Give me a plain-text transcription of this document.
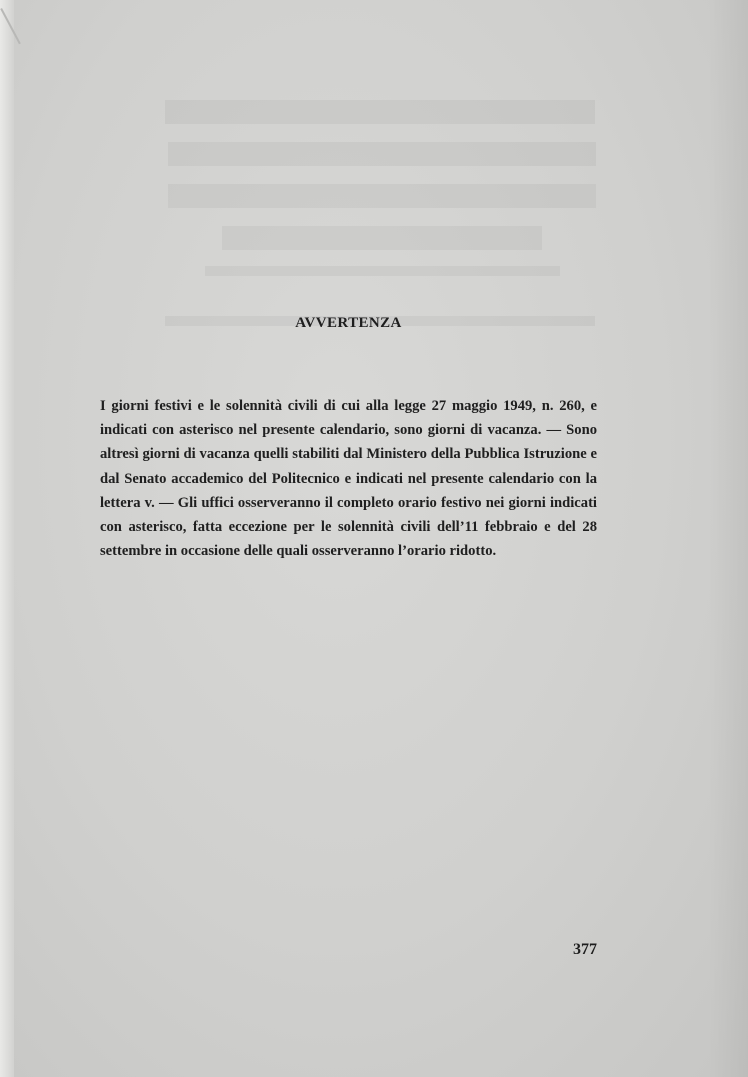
AVVERTENZA

I giorni festivi e le solennità civili di cui alla legge 27 maggio 1949, n. 260, e indicati con asterisco nel presente calendario, sono giorni di vacanza. — Sono altresì giorni di vacanza quelli stabiliti dal Ministero della Pubblica Istruzione e dal Senato accademico del Politecnico e indicati nel presente calendario con la lettera v. — Gli uffici osserveranno il completo orario festivo nei giorni indicati con asterisco, fatta eccezione per le solennità civili dell’11 febbraio e del 28 settembre in occasione delle quali osserveranno l’orario ridotto.

377
